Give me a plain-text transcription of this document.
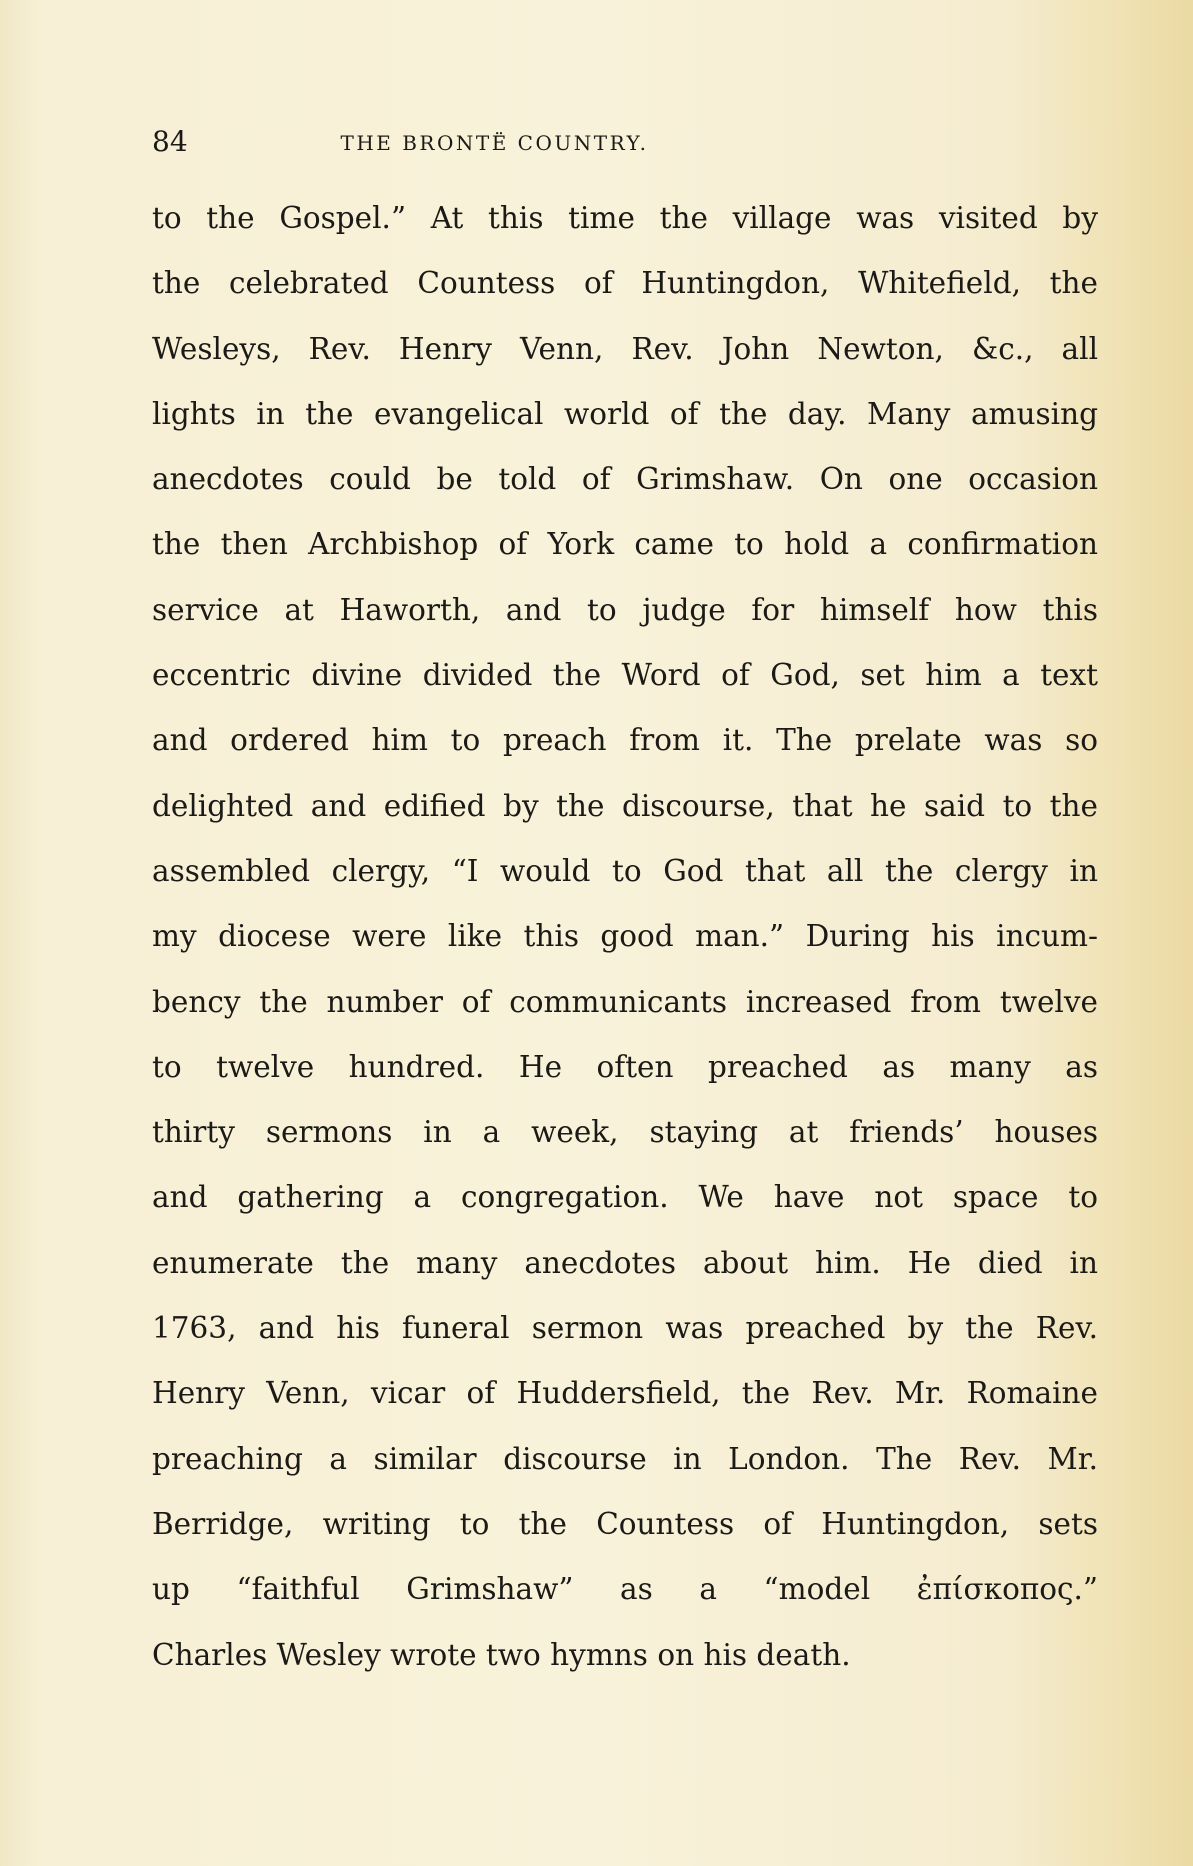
84	THE BRONTË COUNTRY.
to the Gospel.” At this time the village was visited by
the celebrated Countess of Huntingdon, Whitefield, the
Wesleys, Rev. Henry Venn, Rev. John Newton, &c., all
lights in the evangelical world of the day. Many amusing
anecdotes could be told of Grimshaw. On one occasion
the then Archbishop of York came to hold a confirmation
service at Haworth, and to judge for himself how this
eccentric divine divided the Word of God, set him a text
and ordered him to preach from it. The prelate was so
delighted and edified by the discourse, that he said to the
assembled clergy, “I would to God that all the clergy in
my diocese were like this good man.” During his incum-
bency the number of communicants increased from twelve
to twelve hundred. He often preached as many as
thirty sermons in a week, staying at friends’ houses
and gathering a congregation. We have not space to
enumerate the many anecdotes about him. He died in
1763, and his funeral sermon was preached by the Rev.
Henry Venn, vicar of Huddersfield, the Rev. Mr. Romaine
preaching a similar discourse in London. The Rev. Mr.
Berridge, writing to the Countess of Huntingdon, sets
up “faithful Grimshaw” as a “model ἐπίσκοπος.”
Charles Wesley wrote two hymns on his death.
